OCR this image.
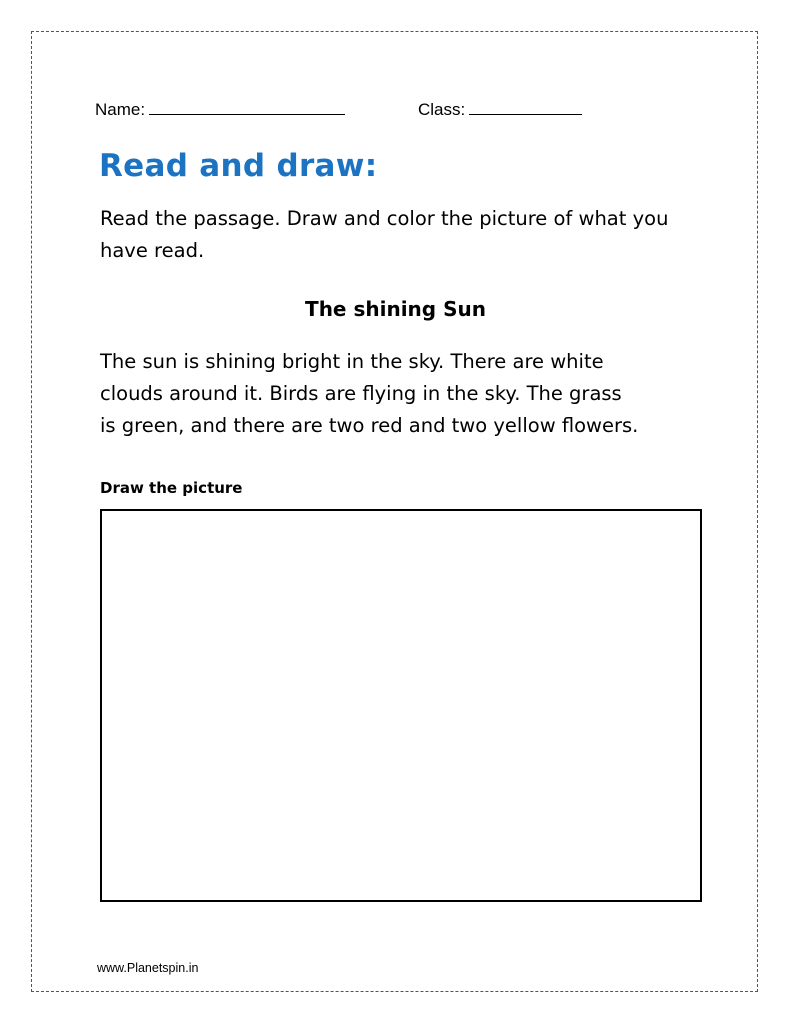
Name:	Class:
Read and draw:
Read the passage. Draw and color the picture of what you have read.
The shining Sun
The sun is shining bright in the sky. There are white
clouds around it. Birds are flying in the sky. The grass
is green, and there are two red and two yellow flowers.
Draw the picture
www.Planetspin.in
